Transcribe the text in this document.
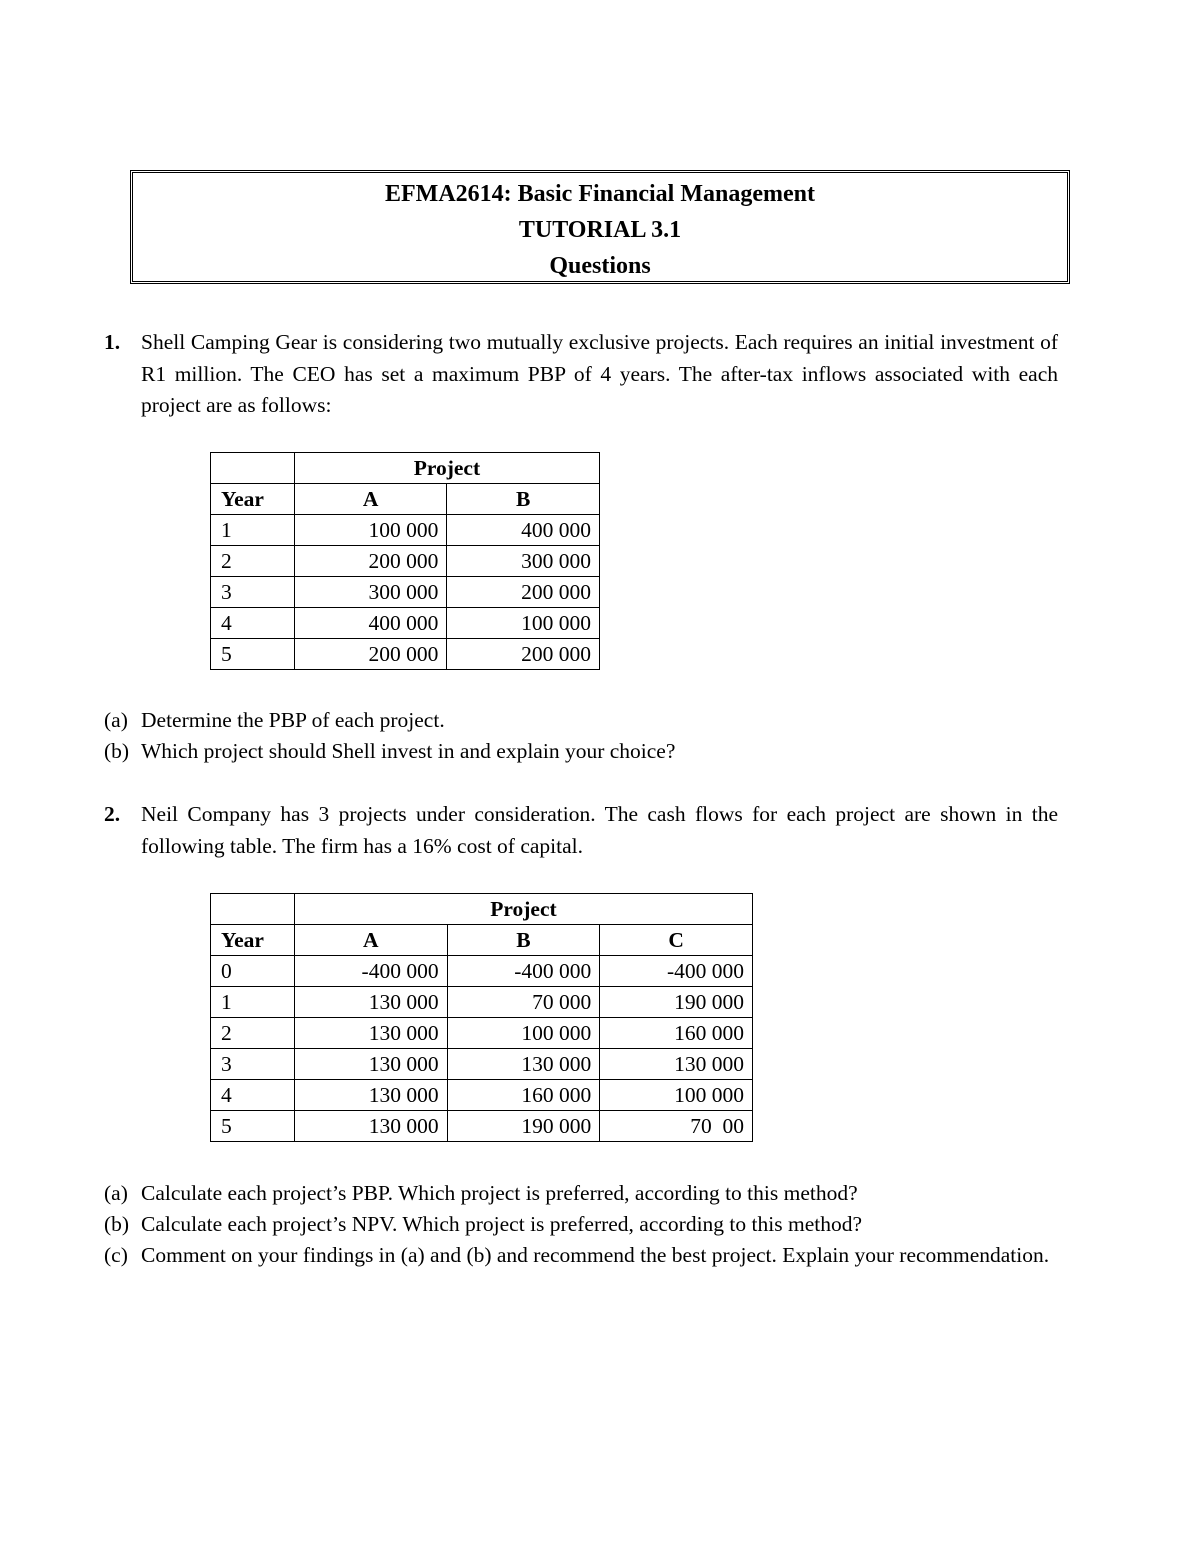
EFMA2614: Basic Financial Management
TUTORIAL 3.1
Questions
1. Shell Camping Gear is considering two mutually exclusive projects. Each requires an initial investment of R1 million. The CEO has set a maximum PBP of 4 years. The after-tax inflows associated with each project are as follows:
	Project	
Year	A	B
1	100 000	400 000
2	200 000	300 000
3	300 000	200 000
4	400 000	100 000
5	200 000	200 000
(a) Determine the PBP of each project.
(b) Which project should Shell invest in and explain your choice?
2. Neil Company has 3 projects under consideration. The cash flows for each project are shown in the following table. The firm has a 16% cost of capital.
	Project		
Year	A	B	C
0	-400 000	-400 000	-400 000
1	130 000	70 000	190 000
2	130 000	100 000	160 000
3	130 000	130 000	130 000
4	130 000	160 000	100 000
5	130 000	190 000	70  00
(a) Calculate each project’s PBP. Which project is preferred, according to this method?
(b) Calculate each project’s NPV. Which project is preferred, according to this method?
(c) Comment on your findings in (a) and (b) and recommend the best project. Explain your recommendation.
